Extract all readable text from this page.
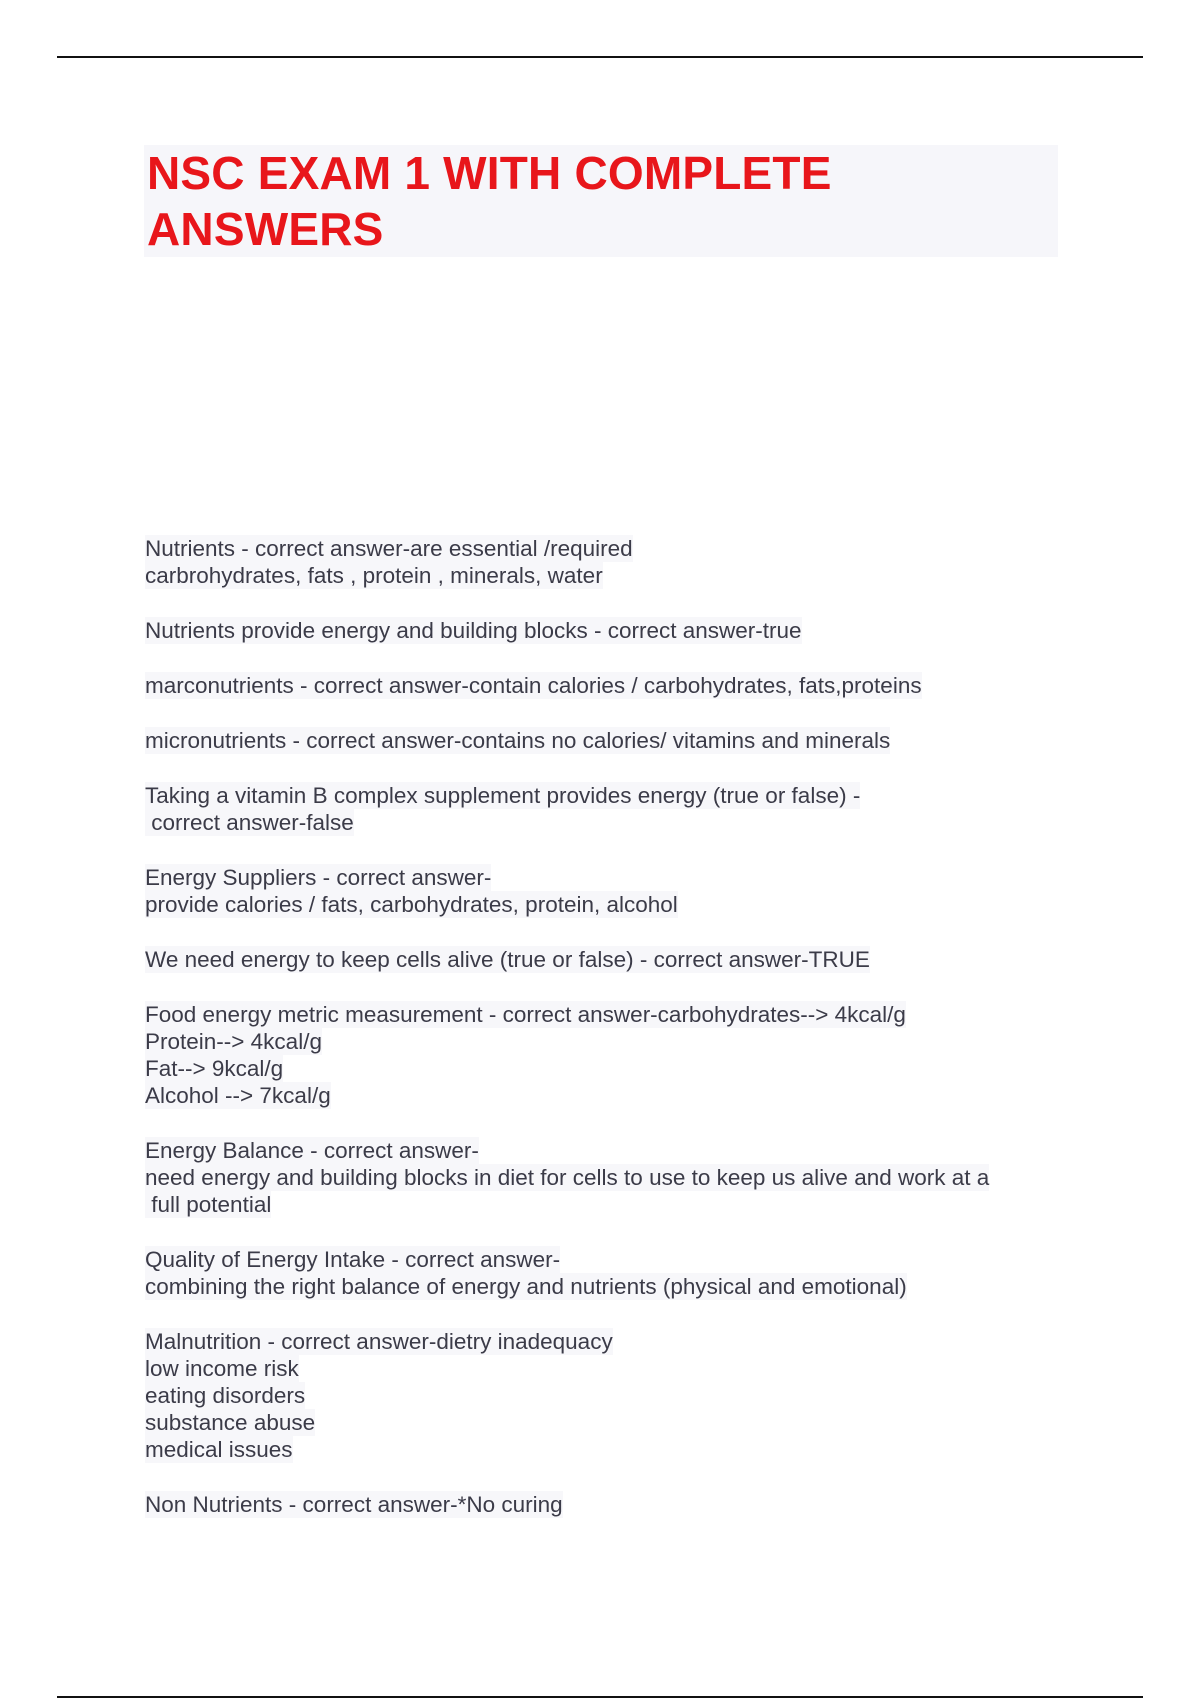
NSC EXAM 1 WITH COMPLETE
ANSWERS
Nutrients - correct answer-are essential /required
carbrohydrates, fats , protein , minerals, water
Nutrients provide energy and building blocks - correct answer-true
marconutrients - correct answer-contain calories / carbohydrates, fats,proteins
micronutrients - correct answer-contains no calories/ vitamins and minerals
Taking a vitamin B complex supplement provides energy (true or false) -
correct answer-false
Energy Suppliers - correct answer-
provide calories / fats, carbohydrates, protein, alcohol
We need energy to keep cells alive (true or false) - correct answer-TRUE
Food energy metric measurement - correct answer-carbohydrates--> 4kcal/g
Protein--> 4kcal/g
Fat--> 9kcal/g
Alcohol --> 7kcal/g
Energy Balance - correct answer-
need energy and building blocks in diet for cells to use to keep us alive and work at a
full potential
Quality of Energy Intake - correct answer-
combining the right balance of energy and nutrients (physical and emotional)
Malnutrition - correct answer-dietry inadequacy
low income risk
eating disorders
substance abuse
medical issues
Non Nutrients - correct answer-*No curing
